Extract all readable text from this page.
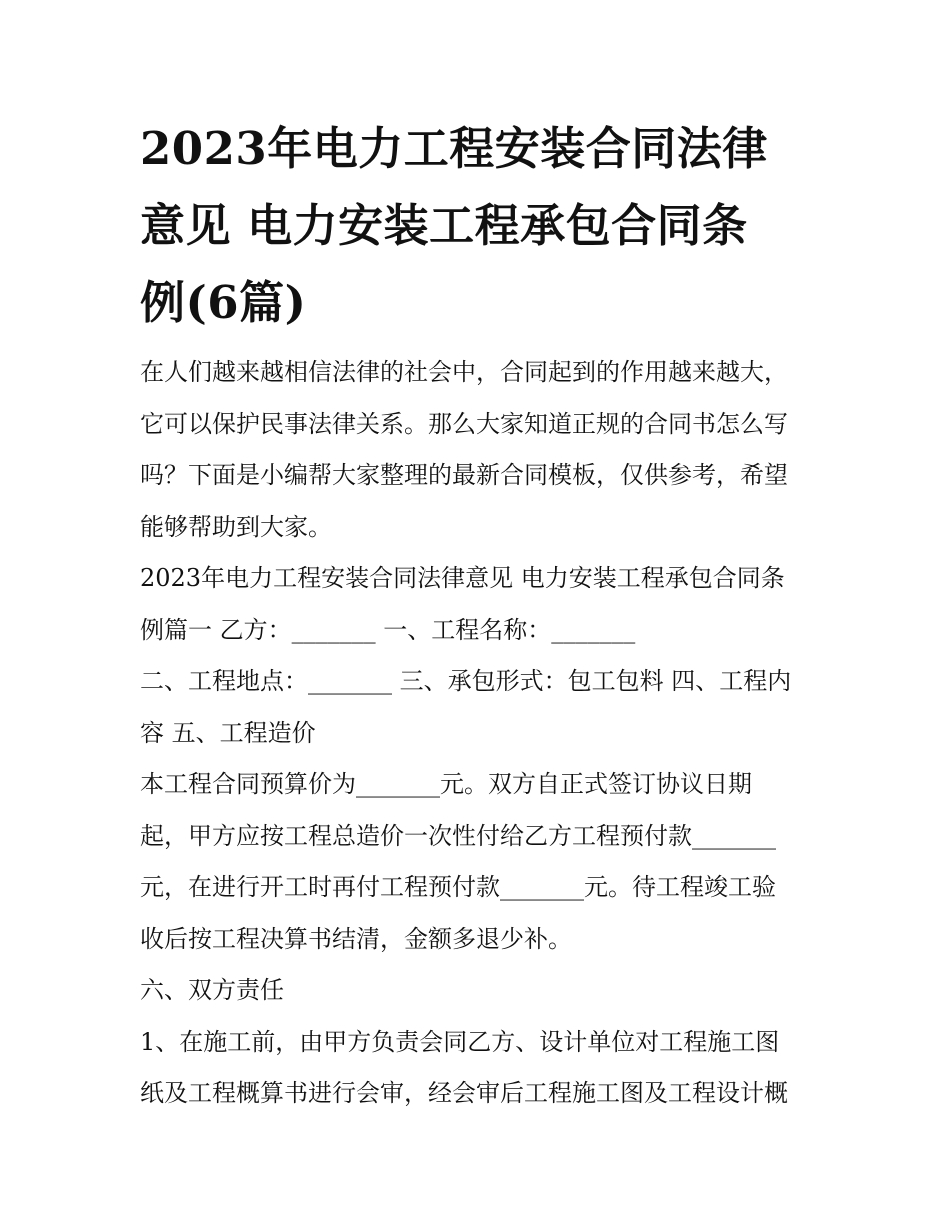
2023年电力工程安装合同法律
意见 电力安装工程承包合同条
例(6篇)

在人们越来越相信法律的社会中，合同起到的作用越来越大，
它可以保护民事法律关系。那么大家知道正规的合同书怎么写
吗？下面是小编帮大家整理的最新合同模板，仅供参考，希望
能够帮助到大家。

2023年电力工程安装合同法律意见 电力安装工程承包合同条
例篇一 乙方：_______ 一、工程名称：_______

二、工程地点：_______ 三、承包形式：包工包料 四、工程内
容 五、工程造价

本工程合同预算价为_______元。双方自正式签订协议日期
起，甲方应按工程总造价一次性付给乙方工程预付款_______
元，在进行开工时再付工程预付款_______元。待工程竣工验
收后按工程决算书结清，金额多退少补。

六、双方责任

1、在施工前，由甲方负责会同乙方、设计单位对工程施工图
纸及工程概算书进行会审，经会审后工程施工图及工程设计概
